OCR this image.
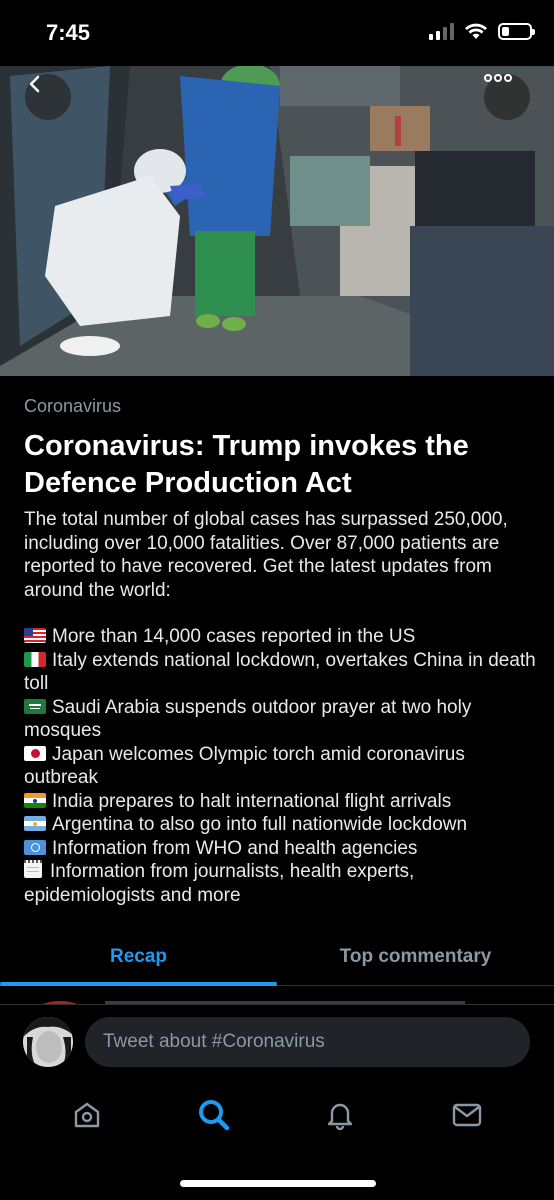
7:45
Coronavirus
Coronavirus: Trump invokes the Defence Production Act
The total number of global cases has surpassed 250,000, including over 10,000 fatalities. Over 87,000 patients are reported to have recovered. Get the latest updates from around the world:
More than 14,000 cases reported in the US
Italy extends national lockdown, overtakes China in death toll
Saudi Arabia suspends outdoor prayer at two holy mosques
Japan welcomes Olympic torch amid coronavirus outbreak
India prepares to halt international flight arrivals
Argentina to also go into full nationwide lockdown
Information from WHO and health agencies
Information from journalists, health experts, epidemiologists and more
Recap	Top commentary
Tweet about #Coronavirus
